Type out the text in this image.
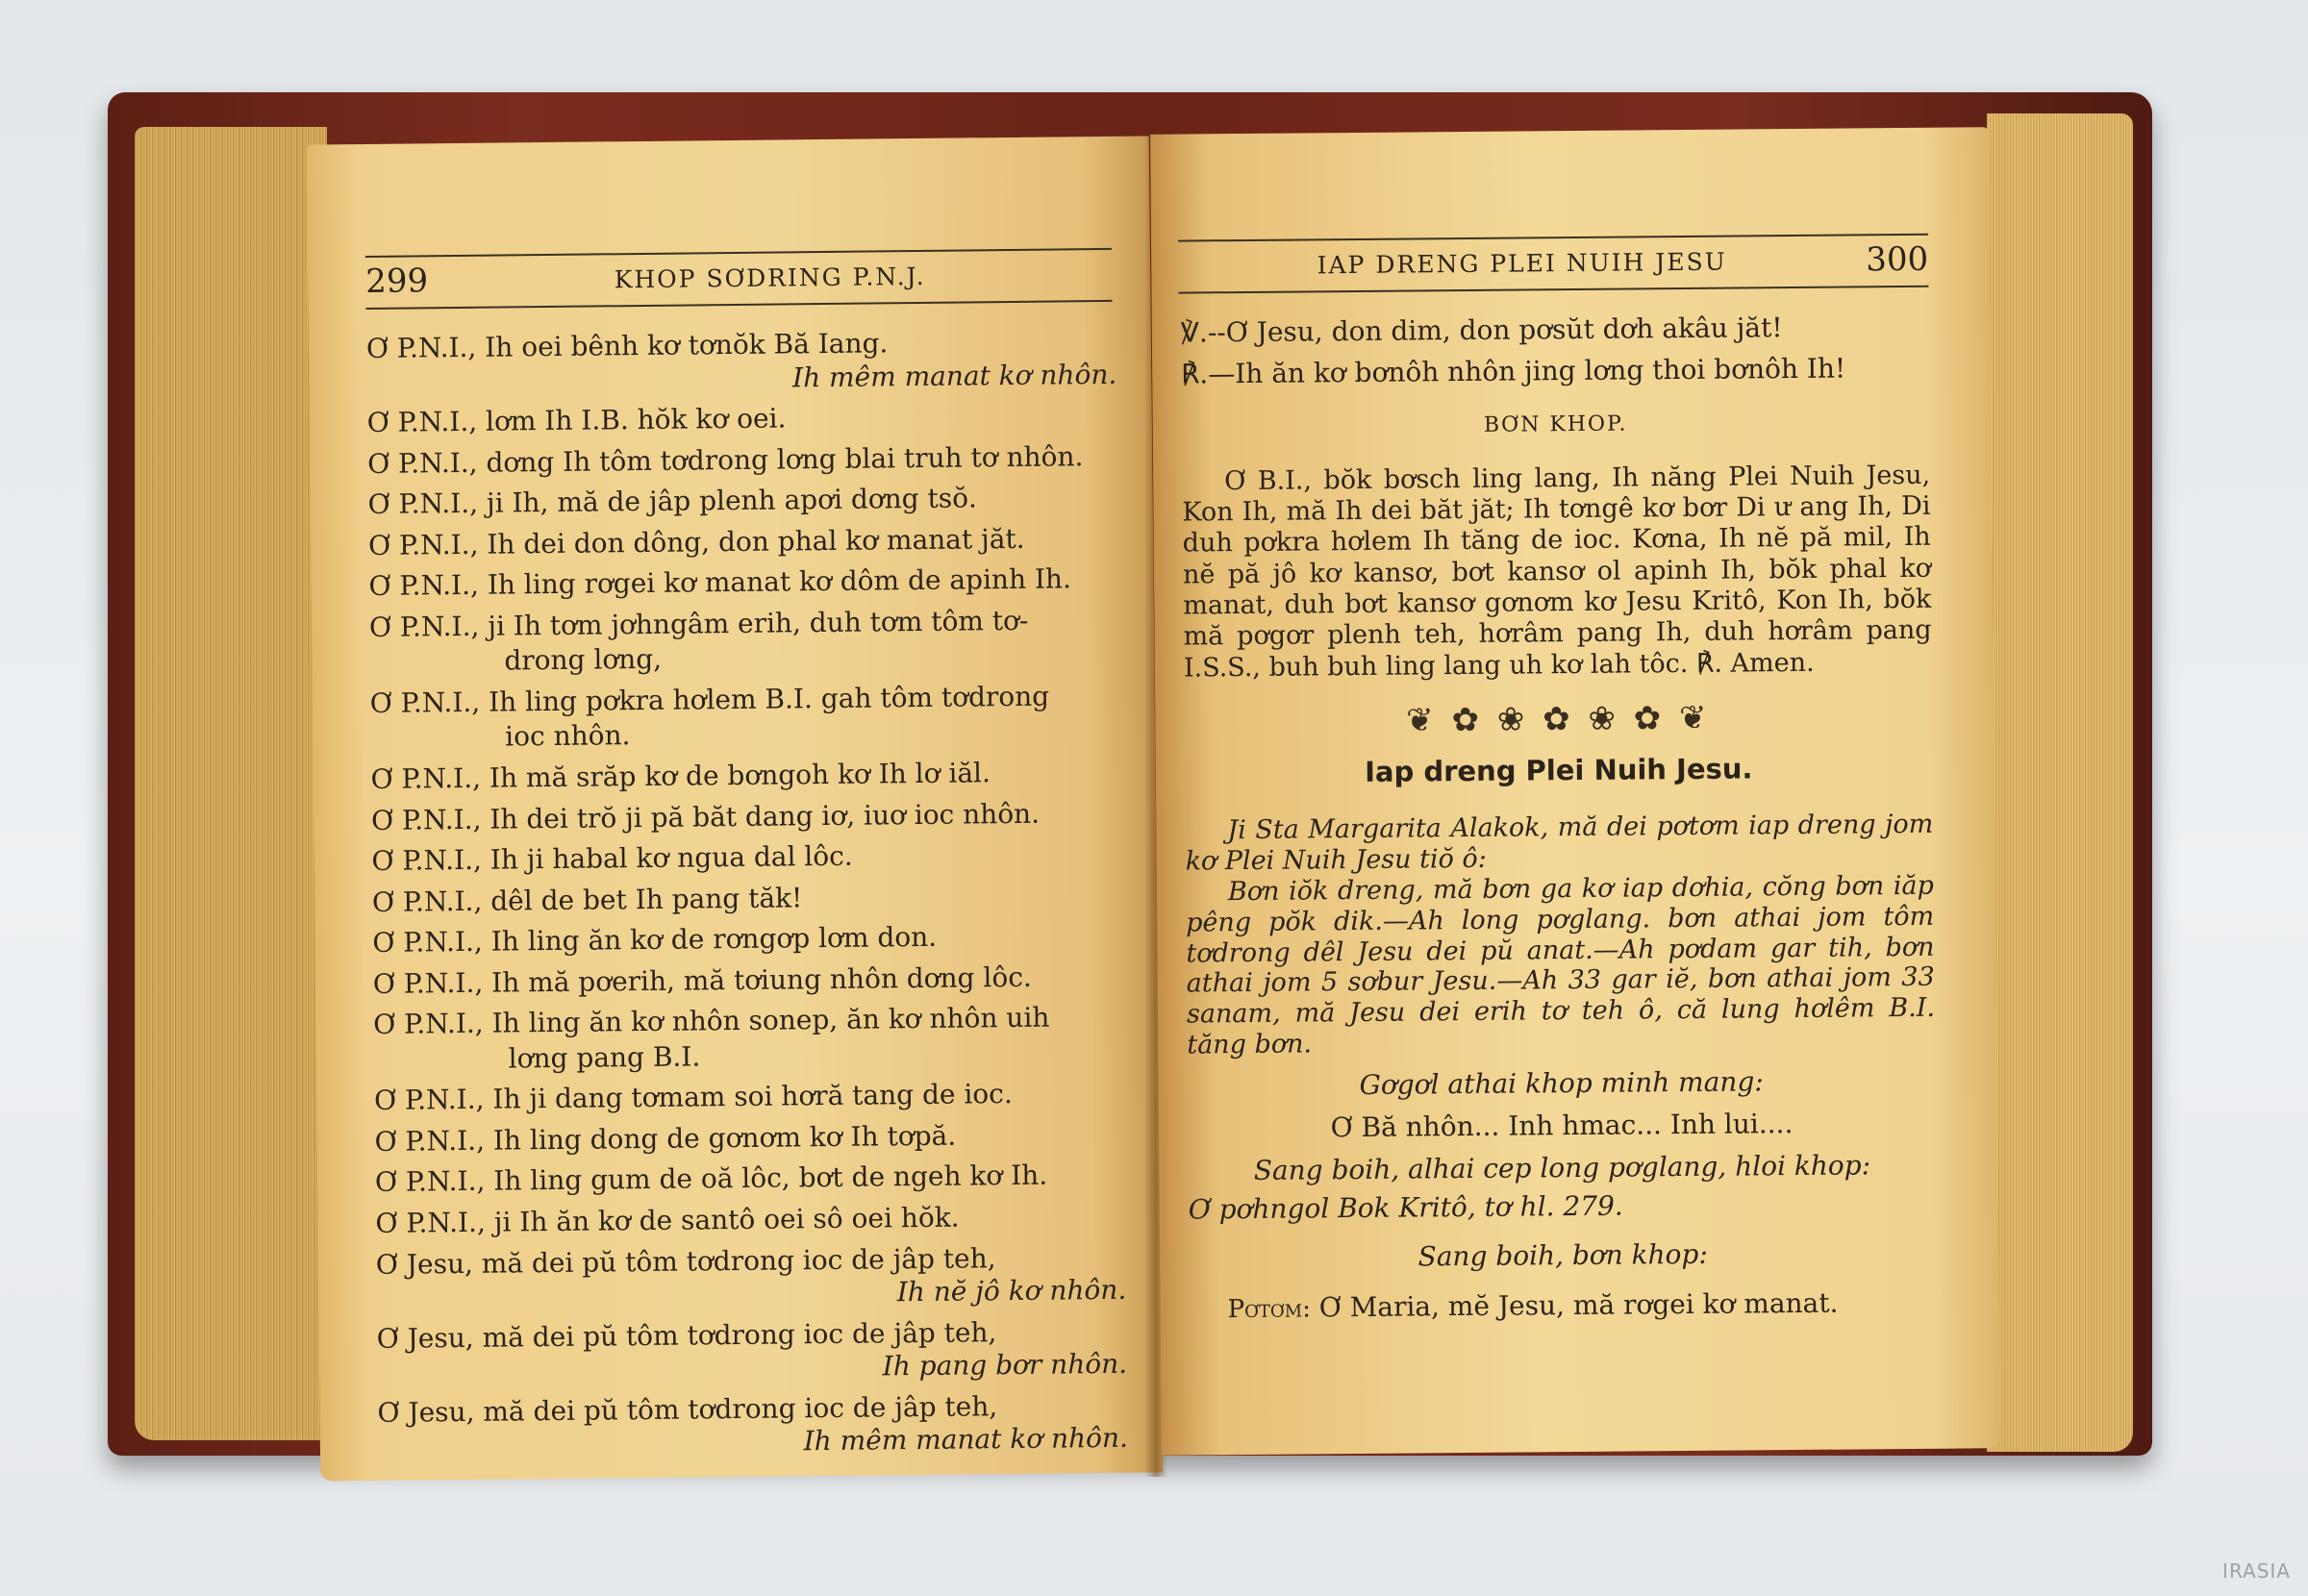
299	KHOP SƠDRING P.N.J.
Ơ P.N.I., Ih oei bênh kơ tơnŏk Bă Iang.
Ih mêm manat kơ nhôn.
Ơ P.N.I., lơm Ih I.B. hŏk kơ oei.
Ơ P.N.I., dơng Ih tôm tơdrong lơng blai truh tơ nhôn.
Ơ P.N.I., ji Ih, mă de jâp plenh apơi dơng tsŏ.
Ơ P.N.I., Ih dei don dông, don phal kơ manat jăt.
Ơ P.N.I., Ih ling rơgei kơ manat kơ dôm de apinh Ih.
Ơ P.N.I., ji Ih tơm jơhngâm erih, duh tơm tôm tơ-
drong lơng,
Ơ P.N.I., Ih ling pơkra hơlem B.I. gah tôm tơdrong
ioc nhôn.
Ơ P.N.I., Ih mă srăp kơ de bơngoh kơ Ih lơ iăl.
Ơ P.N.I., Ih dei trŏ ji pă băt dang iơ, iuơ ioc nhôn.
Ơ P.N.I., Ih ji habal kơ ngua dal lôc.
Ơ P.N.I., dêl de bet Ih pang tăk!
Ơ P.N.I., Ih ling ăn kơ de rơngơp lơm don.
Ơ P.N.I., Ih mă pơerih, mă tơiung nhôn dơng lôc.
Ơ P.N.I., Ih ling ăn kơ nhôn sonep, ăn kơ nhôn uih
lơng pang B.I.
Ơ P.N.I., Ih ji dang tơmam soi hơră tang de ioc.
Ơ P.N.I., Ih ling dong de gơnơm kơ Ih tơpă.
Ơ P.N.I., Ih ling gum de oă lôc, bơt de ngeh kơ Ih.
Ơ P.N.I., ji Ih ăn kơ de santô oei sô oei hŏk.
Ơ Jesu, mă dei pŭ tôm tơdrong ioc de jâp teh,
Ih nĕ jô kơ nhôn.
Ơ Jesu, mă dei pŭ tôm tơdrong ioc de jâp teh,
Ih pang bơr nhôn.
Ơ Jesu, mă dei pŭ tôm tơdrong ioc de jâp teh,
Ih mêm manat kơ nhôn.
IAP DRENG PLEI NUIH JESU	300
℣.--Ơ Jesu, don dim, don pơsŭt dơh akâu jăt!
℟.—Ih ăn kơ bơnôh nhôn jing lơng thoi bơnôh Ih!
BƠN KHOP.

Ơ B.I., bŏk bơsch ling lang, Ih năng Plei Nuih Jesu, Kon Ih, mă Ih dei băt jăt; Ih tơngê kơ bơr Di ư ang Ih, Di duh pơkra hơlem Ih tăng de ioc. Kơna, Ih nĕ pă mil, Ih nĕ pă jô kơ kansơ, bơt kansơ ol apinh Ih, bŏk phal kơ manat, duh bơt kansơ gơnơm kơ Jesu Kritô, Kon Ih, bŏk mă pơgơr plenh teh, hơrâm pang Ih, duh hơrâm pang I.S.S., buh buh ling lang uh kơ lah tôc. ℟. Amen.

❦ ✿ ❀ ✿ ❀ ✿ ❦
Iap dreng Plei Nuih Jesu.

Ji Sta Margarita Alakok, mă dei pơtơm iap dreng jom kơ Plei Nuih Jesu tiŏ ô:

Bơn iŏk dreng, mă bơn ga kơ iap dơhia, cŏng bơn iăp pêng pŏk dik.—Ah long pơglang. bơn athai jom tôm tơdrong dêl Jesu dei pŭ anat.—Ah pơdam gar tih, bơn athai jom 5 sơbur Jesu.—Ah 33 gar iĕ, bơn athai jom 33 sanam, mă Jesu dei erih tơ teh ô, că lung hơlêm B.I. tăng bơn.

Gơgơl athai khop minh mang:
Ơ Bă nhôn... Inh hmac... Inh lui....
Sang boih, alhai cep long pơglang, hloi khop:
Ơ pơhngol Bok Kritô, tơ hl. 279.
Sang boih, bơn khop:
Pơtơm: Ơ Maria, mĕ Jesu, mă rơgei kơ manat.
IRASIA
